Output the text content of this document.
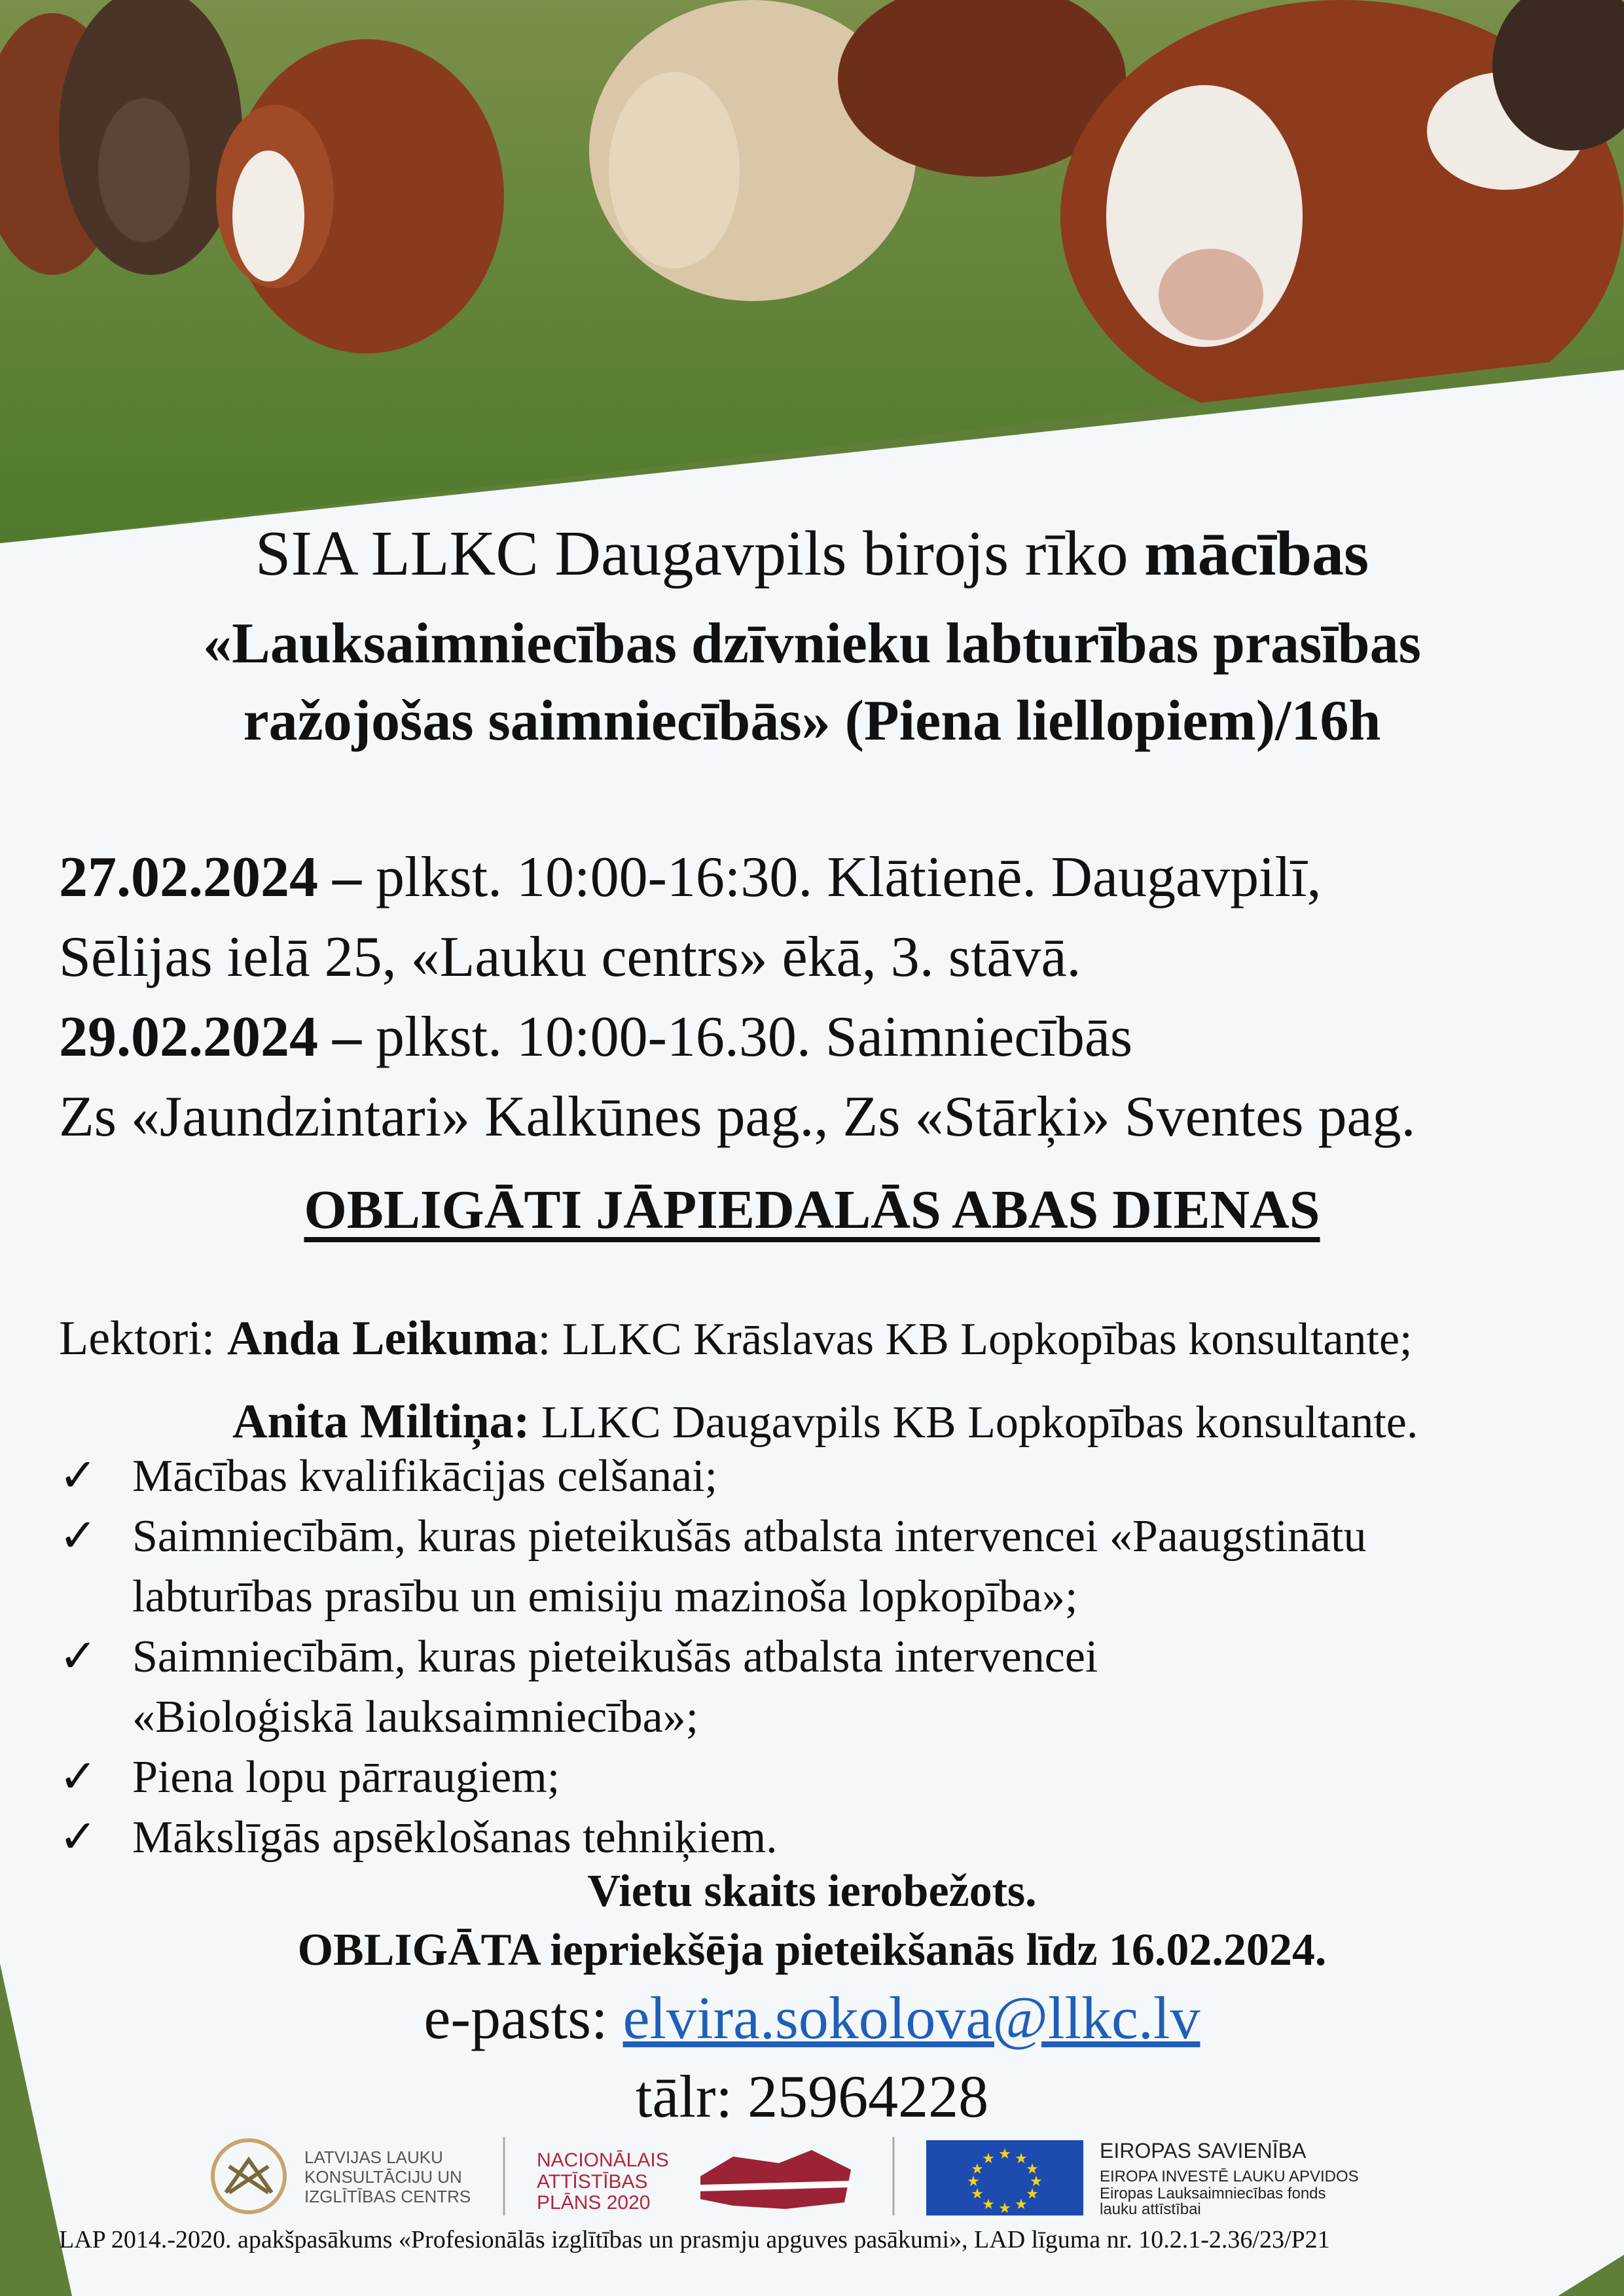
SIA LLKC Daugavpils birojs rīko mācības
«Lauksaimniecības dzīvnieku labturības prasības
ražojošas saimniecībās» (Piena liellopiem)/16h
27.02.2024 – plkst. 10:00-16:30. Klātienē. Daugavpilī,
Sēlijas ielā 25, «Lauku centrs» ēkā, 3. stāvā.
29.02.2024 – plkst. 10:00-16.30. Saimniecībās
Zs «Jaundzintari» Kalkūnes pag., Zs «Stārķi» Sventes pag.
OBLIGĀTI JĀPIEDALĀS ABAS DIENAS
Lektori: Anda Leikuma: LLKC Krāslavas KB Lopkopības konsultante;
Anita Miltiņa: LLKC Daugavpils KB Lopkopības konsultante.
✓ Mācības kvalifikācijas celšanai;
✓ Saimniecībām, kuras pieteikušās atbalsta intervencei «Paaugstinātu
labturības prasību un emisiju mazinoša lopkopība»;
✓ Saimniecībām, kuras pieteikušās atbalsta intervencei
«Bioloģiskā lauksaimniecība»;
✓ Piena lopu pārraugiem;
✓ Mākslīgās apsēklošanas tehniķiem.
Vietu skaits ierobežots.
OBLIGĀTA iepriekšēja pieteikšanās līdz 16.02.2024.
e-pasts: elvira.sokolova@llkc.lv
tālr: 25964228
LATVIJAS LAUKU
KONSULTĀCIJU UN
IZGLĪTĪBAS CENTRS
NACIONĀLAIS
ATTĪSTĪBAS
PLĀNS 2020
★ ★
★
★
★
★
★
★
★
★
★
★	EIROPAS SAVIENĪBA
EIROPA INVESTĒ LAUKU APVIDOS
Eiropas Lauksaimniecības fonds
lauku attīstībai
LAP 2014.-2020. apakšpasākums «Profesionālās izglītības un prasmju apguves pasākumi», LAD līguma nr. 10.2.1-2.36/23/P21
